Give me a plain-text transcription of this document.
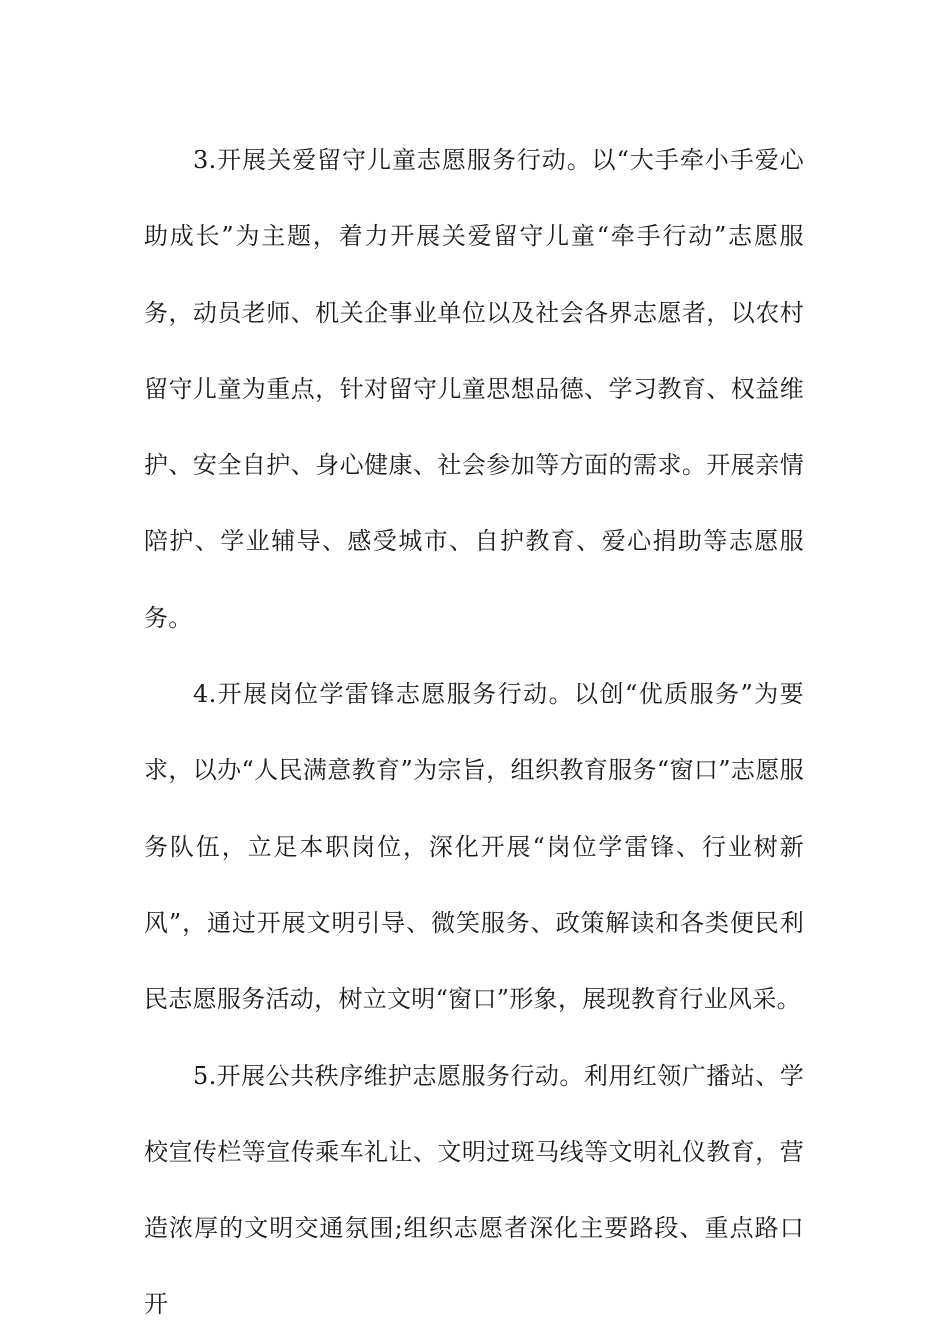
3.开展关爱留守儿童志愿服务行动。以“大手牵小手爱心助成长”为主题，着力开展关爱留守儿童“牵手行动”志愿服务，动员老师、机关企事业单位以及社会各界志愿者，以农村留守儿童为重点，针对留守儿童思想品德、学习教育、权益维护、安全自护、身心健康、社会参加等方面的需求。开展亲情陪护、学业辅导、感受城市、自护教育、爱心捐助等志愿服务。

4.开展岗位学雷锋志愿服务行动。以创“优质服务”为要求，以办“人民满意教育”为宗旨，组织教育服务“窗口”志愿服务队伍，立足本职岗位，深化开展“岗位学雷锋、行业树新风”，通过开展文明引导、微笑服务、政策解读和各类便民利民志愿服务活动，树立文明“窗口”形象，展现教育行业风采。

5.开展公共秩序维护志愿服务行动。利用红领广播站、学校宣传栏等宣传乘车礼让、文明过斑马线等文明礼仪教育，营造浓厚的文明交通氛围;组织志愿者深化主要路段、重点路口开
